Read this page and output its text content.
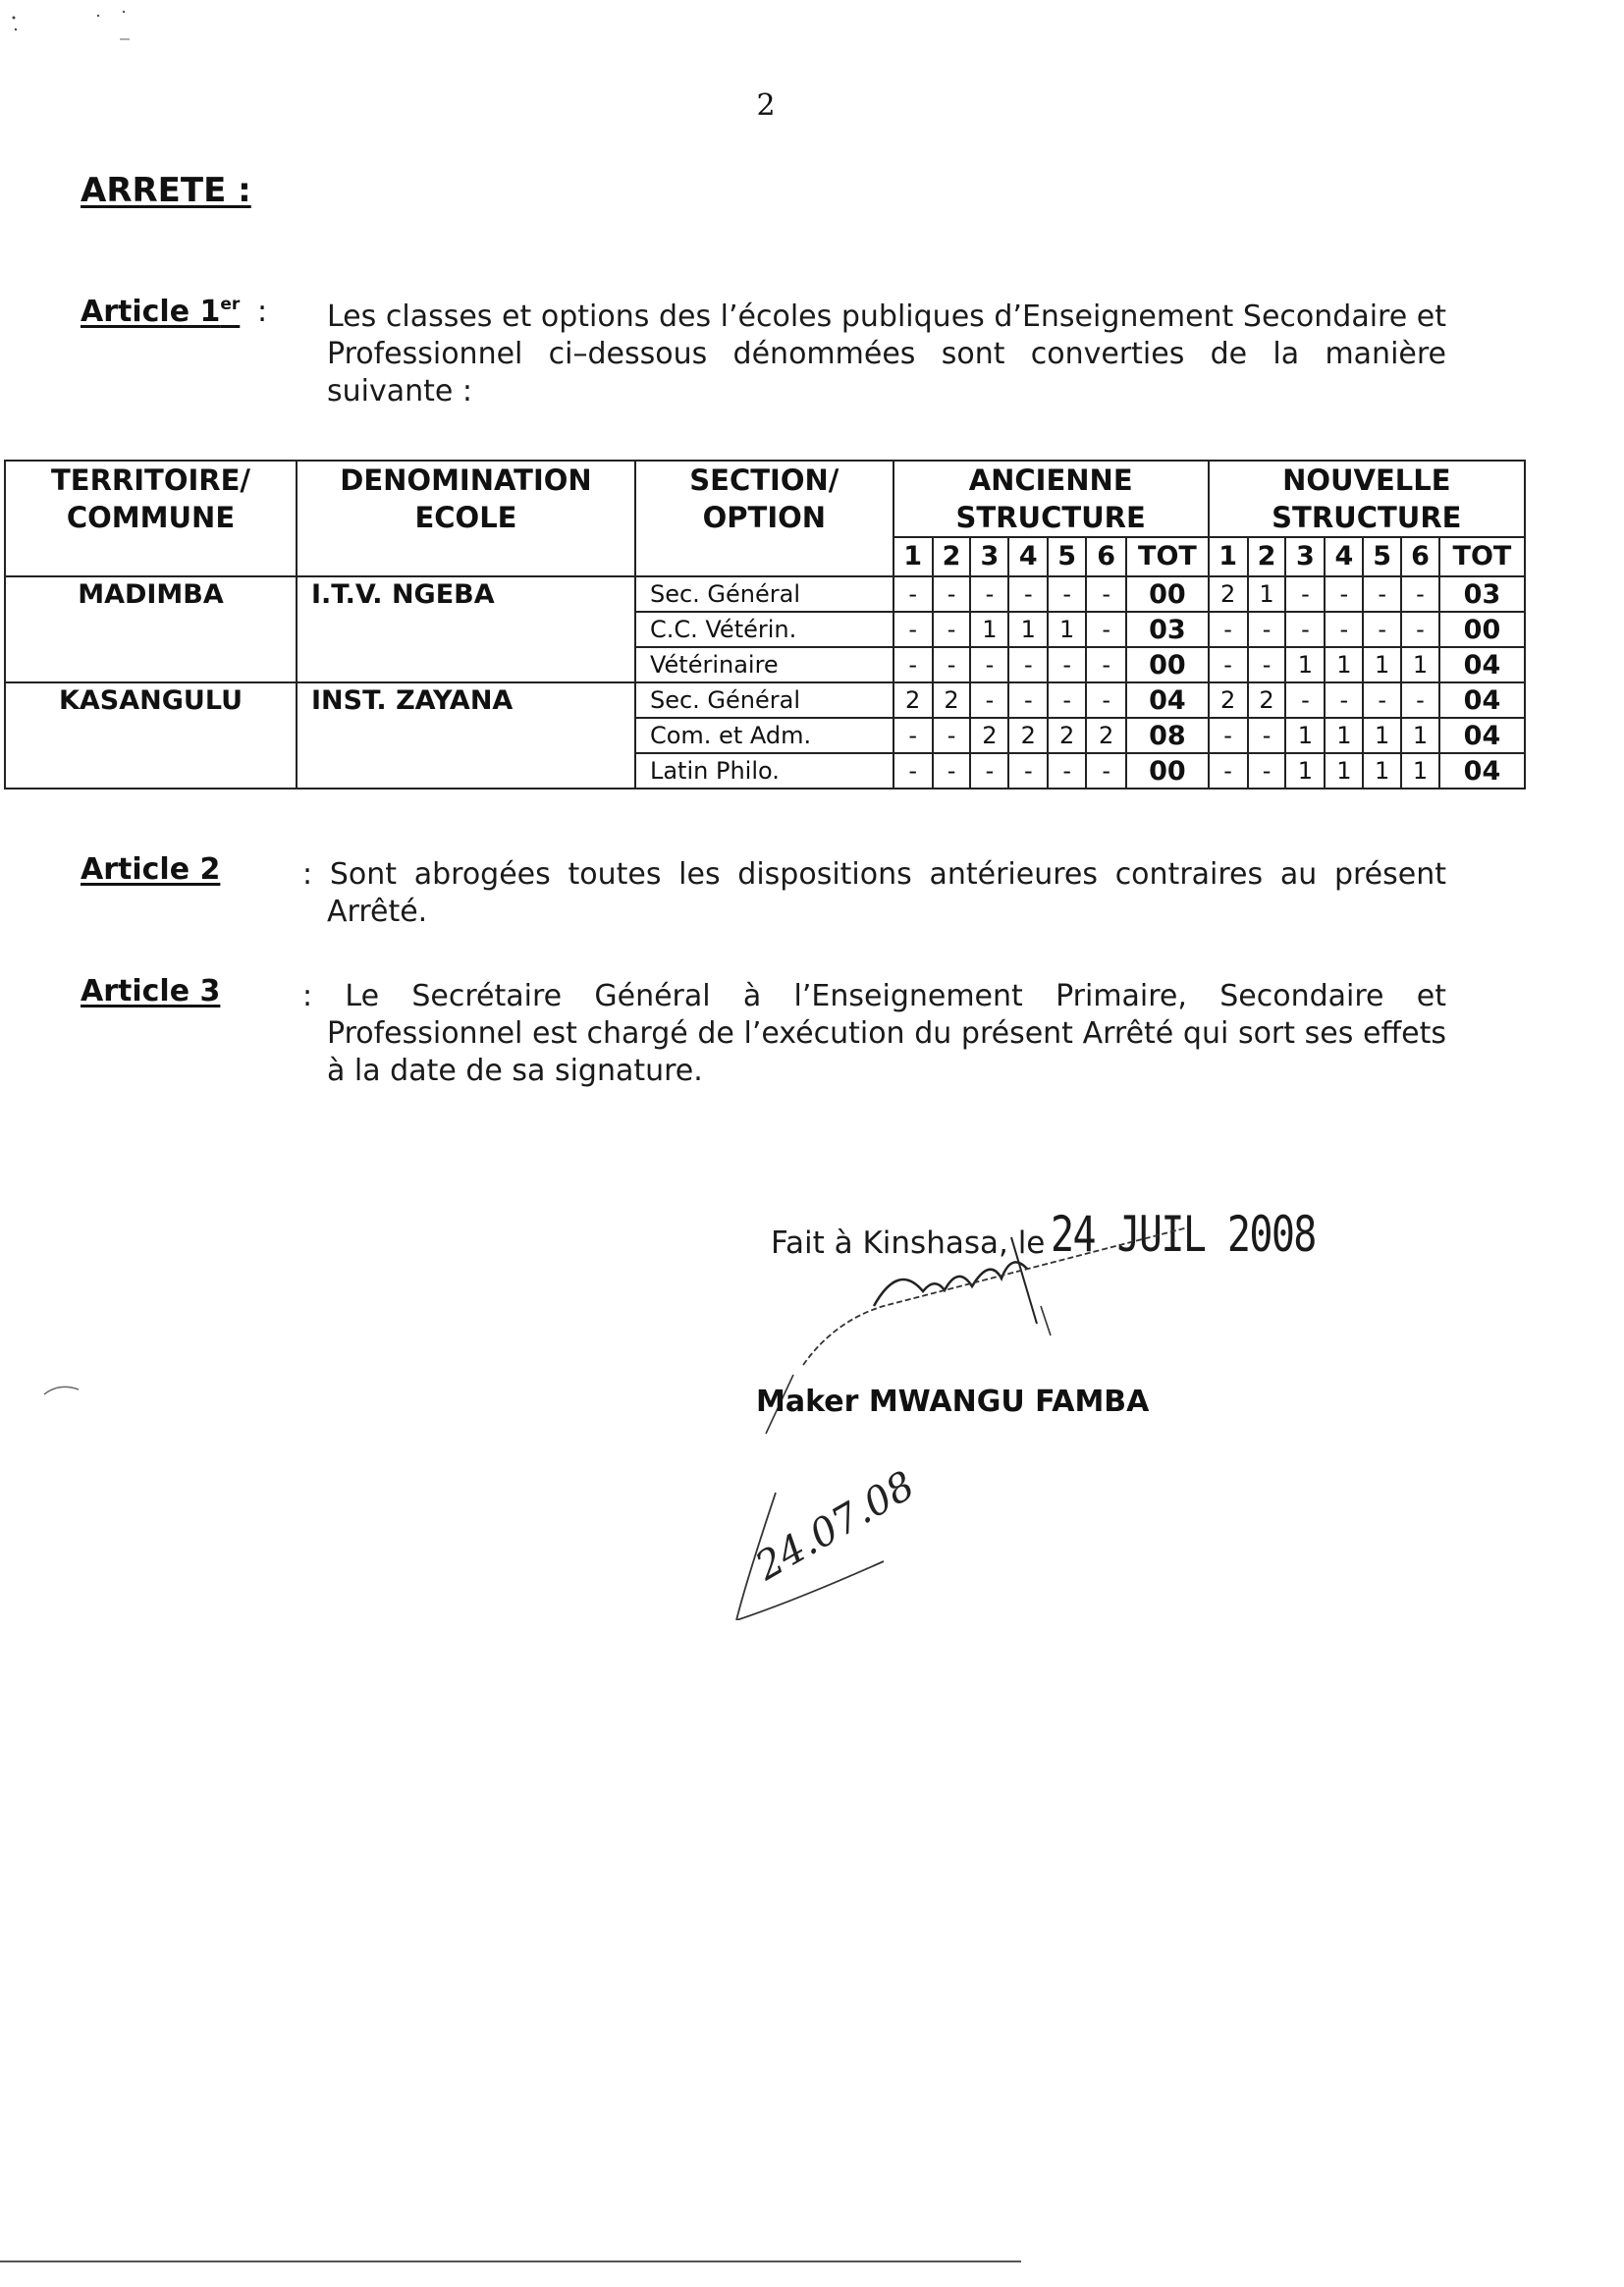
2
ARRETE :
Article 1er : Les classes et options des l’écoles publiques d’Enseignement Secondaire et Professionnel ci–dessous dénommées sont converties de la manière suivante :
TERRITOIRE/ COMMUNE	DENOMINATION ECOLE	SECTION/ OPTION	ANCIENNE STRUCTURE							NOUVELLE STRUCTURE						
			1	2	3	4	5	6	TOT	1	2	3	4	5	6	TOT
MADIMBA	I.T.V. NGEBA	Sec. Général	-	-	-	-	-	-	00	2	1	-	-	-	-	03
		C.C. Vétérin.	-	-	1	1	1	-	03	-	-	-	-	-	-	00
		Vétérinaire	-	-	-	-	-	-	00	-	-	1	1	1	1	04
KASANGULU	INST. ZAYANA	Sec. Général	2	2	-	-	-	-	04	2	2	-	-	-	-	04
		Com. et Adm.	-	-	2	2	2	2	08	-	-	1	1	1	1	04
		Latin Philo.	-	-	-	-	-	-	00	-	-	1	1	1	1	04
Article 2	: Sont abrogées toutes les dispositions antérieures contraires au présent Arrêté.
Article 3	: Le Secrétaire Général à l’Enseignement Primaire, Secondaire et Professionnel est chargé de l’exécution du présent Arrêté qui sort ses effets à la date de sa signature.
Fait à Kinshasa, le 24 JUIL 2008
Maker MWANGU FAMBA
24.07.08
